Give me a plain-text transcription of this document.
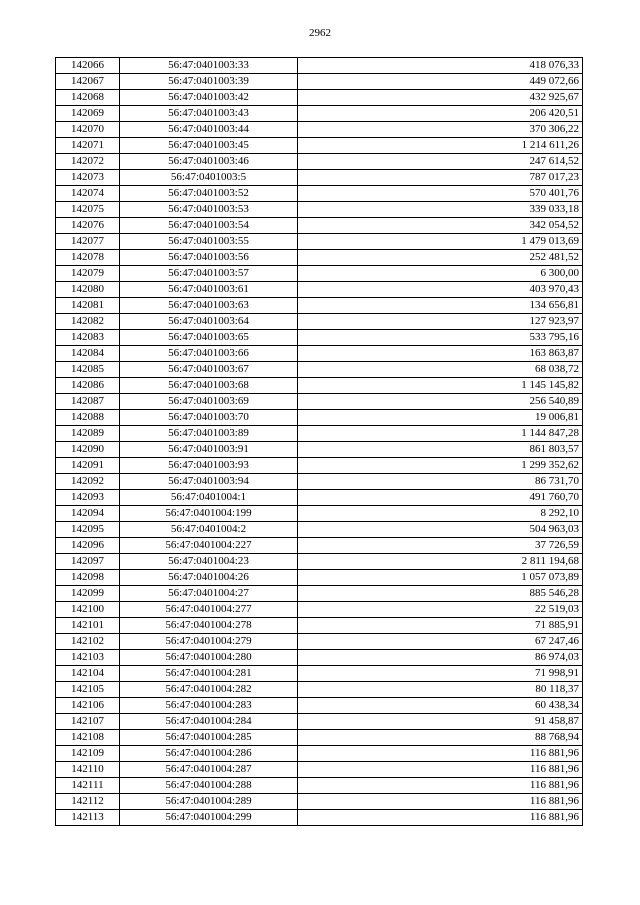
2962
142066	56:47:0401003:33	418 076,33
142067	56:47:0401003:39	449 072,66
142068	56:47:0401003:42	432 925,67
142069	56:47:0401003:43	206 420,51
142070	56:47:0401003:44	370 306,22
142071	56:47:0401003:45	1 214 611,26
142072	56:47:0401003:46	247 614,52
142073	56:47:0401003:5	787 017,23
142074	56:47:0401003:52	570 401,76
142075	56:47:0401003:53	339 033,18
142076	56:47:0401003:54	342 054,52
142077	56:47:0401003:55	1 479 013,69
142078	56:47:0401003:56	252 481,52
142079	56:47:0401003:57	6 300,00
142080	56:47:0401003:61	403 970,43
142081	56:47:0401003:63	134 656,81
142082	56:47:0401003:64	127 923,97
142083	56:47:0401003:65	533 795,16
142084	56:47:0401003:66	163 863,87
142085	56:47:0401003:67	68 038,72
142086	56:47:0401003:68	1 145 145,82
142087	56:47:0401003:69	256 540,89
142088	56:47:0401003:70	19 006,81
142089	56:47:0401003:89	1 144 847,28
142090	56:47:0401003:91	861 803,57
142091	56:47:0401003:93	1 299 352,62
142092	56:47:0401003:94	86 731,70
142093	56:47:0401004:1	491 760,70
142094	56:47:0401004:199	8 292,10
142095	56:47:0401004:2	504 963,03
142096	56:47:0401004:227	37 726,59
142097	56:47:0401004:23	2 811 194,68
142098	56:47:0401004:26	1 057 073,89
142099	56:47:0401004:27	885 546,28
142100	56:47:0401004:277	22 519,03
142101	56:47:0401004:278	71 885,91
142102	56:47:0401004:279	67 247,46
142103	56:47:0401004:280	86 974,03
142104	56:47:0401004:281	71 998,91
142105	56:47:0401004:282	80 118,37
142106	56:47:0401004:283	60 438,34
142107	56:47:0401004:284	91 458,87
142108	56:47:0401004:285	88 768,94
142109	56:47:0401004:286	116 881,96
142110	56:47:0401004:287	116 881,96
142111	56:47:0401004:288	116 881,96
142112	56:47:0401004:289	116 881,96
142113	56:47:0401004:299	116 881,96
